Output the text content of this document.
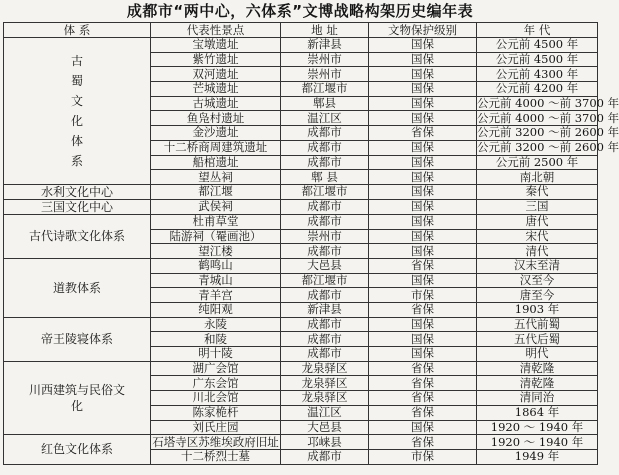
成都市“两中心，六体系”文博战略构架历史编年表
体 系	代表性景点	地 址	文物保护级别	年 代
古蜀文化体系	宝墩遗址	新津县	国保	公元前 4500 年
	紫竹遗址	崇州市	国保	公元前 4500 年
	双河遗址	崇州市	国保	公元前 4300 年
	芒城遗址	都江堰市	国保	公元前 4200 年
	古城遗址	郫县	国保	公元前 4000 ～前 3700 年
	鱼凫村遗址	温江区	国保	公元前 4000 ～前 3700 年
	金沙遗址	成都市	省保	公元前 3200 ～前 2600 年
	十二桥商周建筑遗址	成都市	国保	公元前 3200 ～前 2600 年
	船棺遗址	成都市	国保	公元前 2500 年
	望丛祠	郫 县	国保	南北朝
水利文化中心	都江堰	都江堰市	国保	秦代
三国文化中心	武侯祠	成都市	国保	三国
古代诗歌文化体系	杜甫草堂	成都市	国保	唐代
	陆游祠（罨画池）	崇州市	国保	宋代
	望江楼	成都市	国保	清代
道教体系	鹤鸣山	大邑县	省保	汉末至清
	青城山	都江堰市	国保	汉至今
	青羊宫	成都市	市保	唐至今
	纯阳观	新津县	省保	1903 年
帝王陵寝体系	永陵	成都市	国保	五代前蜀
	和陵	成都市	国保	五代后蜀
	明十陵	成都市	国保	明代
川西建筑与民俗文化	湖广会馆	龙泉驿区	省保	清乾隆
	广东会馆	龙泉驿区	省保	清乾隆
	川北会馆	龙泉驿区	省保	清同治
	陈家桅杆	温江区	省保	1864 年
	刘氏庄园	大邑县	国保	1920 ～ 1940 年
红色文化体系	石塔寺区苏维埃政府旧址	邛崃县	省保	1920 ～ 1940 年
	十二桥烈士墓	成都市	市保	1949 年
